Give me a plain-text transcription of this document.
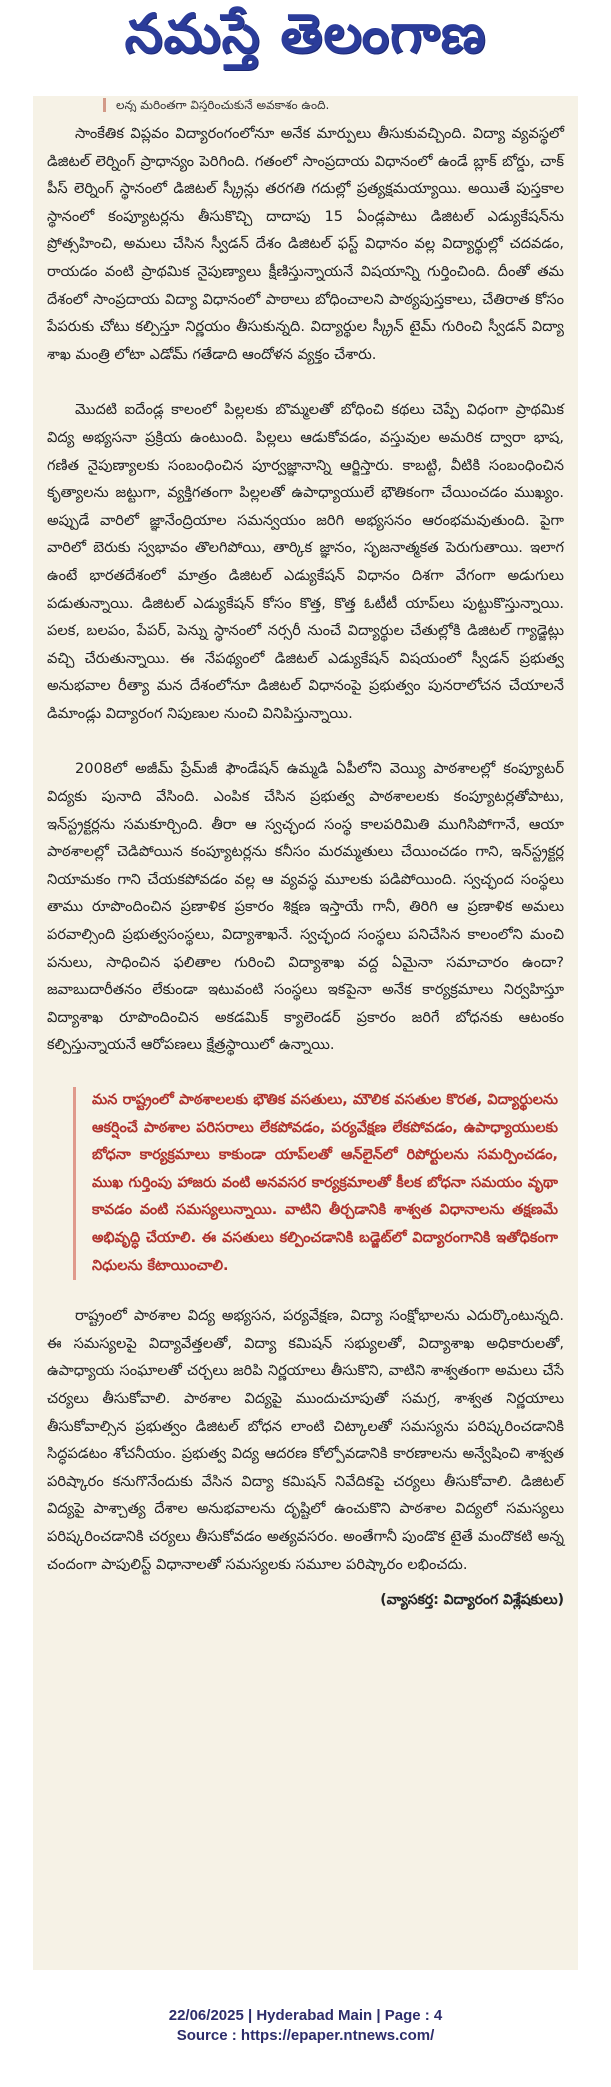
నమస్తే తెలంగాణ
లన్న మరింతగా విస్తరించుకునే అవకాశం ఉంది.

సాంకేతిక విప్లవం విద్యారంగంలోనూ అనేక మార్పులు తీసుకువచ్చింది. విద్యా వ్యవస్థలో డిజిటల్ లెర్నింగ్ ప్రాధాన్యం పెరిగింది. గతంలో సాంప్రదాయ విధానంలో ఉండే బ్లాక్ బోర్డు, చాక్ పీస్ లెర్నింగ్ స్థానంలో డిజిటల్ స్క్రీన్లు తరగతి గదుల్లో ప్రత్యక్షమయ్యాయి. అయితే పుస్తకాల స్థానంలో కంప్యూటర్లను తీసుకొచ్చి దాదాపు 15 ఏండ్లపాటు డిజిటల్ ఎడ్యుకేషన్‌ను ప్రోత్సహించి, అమలు చేసిన స్వీడన్ దేశం డిజిటల్ ఫస్ట్ విధానం వల్ల విద్యార్థుల్లో చదవడం, రాయడం వంటి ప్రాథమిక నైపుణ్యాలు క్షీణిస్తున్నాయనే విషయాన్ని గుర్తించింది. దీంతో తమ దేశంలో సాంప్రదాయ విద్యా విధానంలో పాఠాలు బోధించాలని పాఠ్యపుస్తకాలు, చేతిరాత కోసం పేపరుకు చోటు కల్పిస్తూ నిర్ణయం తీసుకున్నది. విద్యార్థుల స్క్రీన్ టైమ్ గురించి స్వీడన్ విద్యా శాఖ మంత్రి లోటా ఎడోమ్ గతేడాది ఆందోళన వ్యక్తం చేశారు.

మొదటి ఐదేండ్ల కాలంలో పిల్లలకు బొమ్మలతో బోధించి కథలు చెప్పే విధంగా ప్రాథమిక విద్య అభ్యసనా ప్రక్రియ ఉంటుంది. పిల్లలు ఆడుకోవడం, వస్తువుల అమరిక ద్వారా భాష, గణిత నైపుణ్యాలకు సంబంధించిన పూర్వజ్ఞానాన్ని ఆర్జిస్తారు. కాబట్టి, వీటికి సంబంధించిన కృత్యాలను జట్టుగా, వ్యక్తిగతంగా పిల్లలతో ఉపాధ్యాయులే భౌతికంగా చేయించడం ముఖ్యం. అప్పుడే వారిలో జ్ఞానేంద్రియాల సమన్వయం జరిగి అభ్యసనం ఆరంభమవుతుంది. పైగా వారిలో బెరుకు స్వభావం తొలగిపోయి, తార్కిక జ్ఞానం, సృజనాత్మకత పెరుగుతాయి. ఇలాగ ఉంటే భారతదేశంలో మాత్రం డిజిటల్ ఎడ్యుకేషన్ విధానం దిశగా వేగంగా అడుగులు పడుతున్నాయి. డిజిటల్ ఎడ్యుకేషన్ కోసం కొత్త, కొత్త ఓటీటీ యాప్‌లు పుట్టుకొస్తున్నాయి. పలక, బలపం, పేపర్, పెన్ను స్థానంలో నర్సరీ నుంచే విద్యార్థుల చేతుల్లోకి డిజిటల్ గ్యాడ్జెట్లు వచ్చి చేరుతున్నాయి. ఈ నేపథ్యంలో డిజిటల్ ఎడ్యుకేషన్ విషయంలో స్వీడన్ ప్రభుత్వ అనుభవాల రీత్యా మన దేశంలోనూ డిజిటల్ విధానంపై ప్రభుత్వం పునరాలోచన చేయాలనే డిమాండ్లు విద్యారంగ నిపుణుల నుంచి వినిపిస్తున్నాయి.

2008లో అజీమ్ ప్రేమ్‌జీ ఫౌండేషన్ ఉమ్మడి ఏపీలోని వెయ్యి పాఠశాలల్లో కంప్యూటర్ విద్యకు పునాది వేసింది. ఎంపిక చేసిన ప్రభుత్వ పాఠశాలలకు కంప్యూటర్లతోపాటు, ఇన్‌స్ట్రక్టర్లను సమకూర్చింది. తీరా ఆ స్వచ్ఛంద సంస్థ కాలపరిమితి ముగిసిపోగానే, ఆయా పాఠశాలల్లో చెడిపోయిన కంప్యూటర్లను కనీసం మరమ్మతులు చేయించడం గాని, ఇన్‌స్ట్రక్టర్ల నియామకం గాని చేయకపోవడం వల్ల ఆ వ్యవస్థ మూలకు పడిపోయింది. స్వచ్ఛంద సంస్థలు తాము రూపొందించిన ప్రణాళిక ప్రకారం శిక్షణ ఇస్తాయే గానీ, తిరిగి ఆ ప్రణాళిక అమలు పరవాల్సింది ప్రభుత్వసంస్థలు, విద్యాశాఖనే. స్వచ్ఛంద సంస్థలు పనిచేసిన కాలంలోని మంచి పనులు, సాధించిన ఫలితాల గురించి విద్యాశాఖ వద్ద ఏమైనా సమాచారం ఉందా? జవాబుదారీతనం లేకుండా ఇటువంటి సంస్థలు ఇకపైనా అనేక కార్యక్రమాలు నిర్వహిస్తూ విద్యాశాఖ రూపొందించిన అకడమిక్ క్యాలెండర్ ప్రకారం జరిగే బోధనకు ఆటంకం కల్పిస్తున్నాయనే ఆరోపణలు క్షేత్రస్థాయిలో ఉన్నాయి.

మన రాష్ట్రంలో పాఠశాలలకు భౌతిక వసతులు, మౌలిక వసతుల కొరత, విద్యార్థులను ఆకర్షించే పాఠశాల పరిసరాలు లేకపోవడం, పర్యవేక్షణ లేకపోవడం, ఉపాధ్యాయులకు బోధనా కార్యక్రమాలు కాకుండా యాప్‌లతో ఆన్‌లైన్‌లో రిపోర్టులను సమర్పించడం, ముఖ గుర్తింపు హాజరు వంటి అనవసర కార్యక్రమాలతో కీలక బోధనా సమయం వృథా కావడం వంటి సమస్యలున్నాయి. వాటిని తీర్చడానికి శాశ్వత విధానాలను తక్షణమే అభివృద్ధి చేయాలి. ఈ వసతులు కల్పించడానికి బడ్జెట్‌లో విద్యారంగానికి ఇతోధికంగా నిధులను కేటాయించాలి.

రాష్ట్రంలో పాఠశాల విద్య అభ్యసన, పర్యవేక్షణ, విద్యా సంక్షోభాలను ఎదుర్కొంటున్నది. ఈ సమస్యలపై విద్యావేత్తలతో, విద్యా కమిషన్ సభ్యులతో, విద్యాశాఖ అధికారులతో, ఉపాధ్యాయ సంఘాలతో చర్చలు జరిపి నిర్ణయాలు తీసుకొని, వాటిని శాశ్వతంగా అమలు చేసే చర్యలు తీసుకోవాలి. పాఠశాల విద్యపై ముందుచూపుతో సమగ్ర, శాశ్వత నిర్ణయాలు తీసుకోవాల్సిన ప్రభుత్వం డిజిటల్ బోధన లాంటి చిట్కాలతో సమస్యను పరిష్కరించడానికి సిద్ధపడటం శోచనీయం. ప్రభుత్వ విద్య ఆదరణ కోల్పోవడానికి కారణాలను అన్వేషించి శాశ్వత పరిష్కారం కనుగొనేందుకు వేసిన విద్యా కమిషన్ నివేదికపై చర్యలు తీసుకోవాలి. డిజిటల్ విద్యపై పాశ్చాత్య దేశాల అనుభవాలను దృష్టిలో ఉంచుకొని పాఠశాల విద్యలో సమస్యలు పరిష్కరించడానికి చర్యలు తీసుకోవడం అత్యవసరం. అంతేగానీ పుండొక టైతే మందొకటి అన్న చందంగా పాపులిస్ట్ విధానాలతో సమస్యలకు సమూల పరిష్కారం లభించదు.

(వ్యాసకర్త: విద్యారంగ విశ్లేషకులు)
22/06/2025 | Hyderabad Main | Page : 4
Source : https://epaper.ntnews.com/
